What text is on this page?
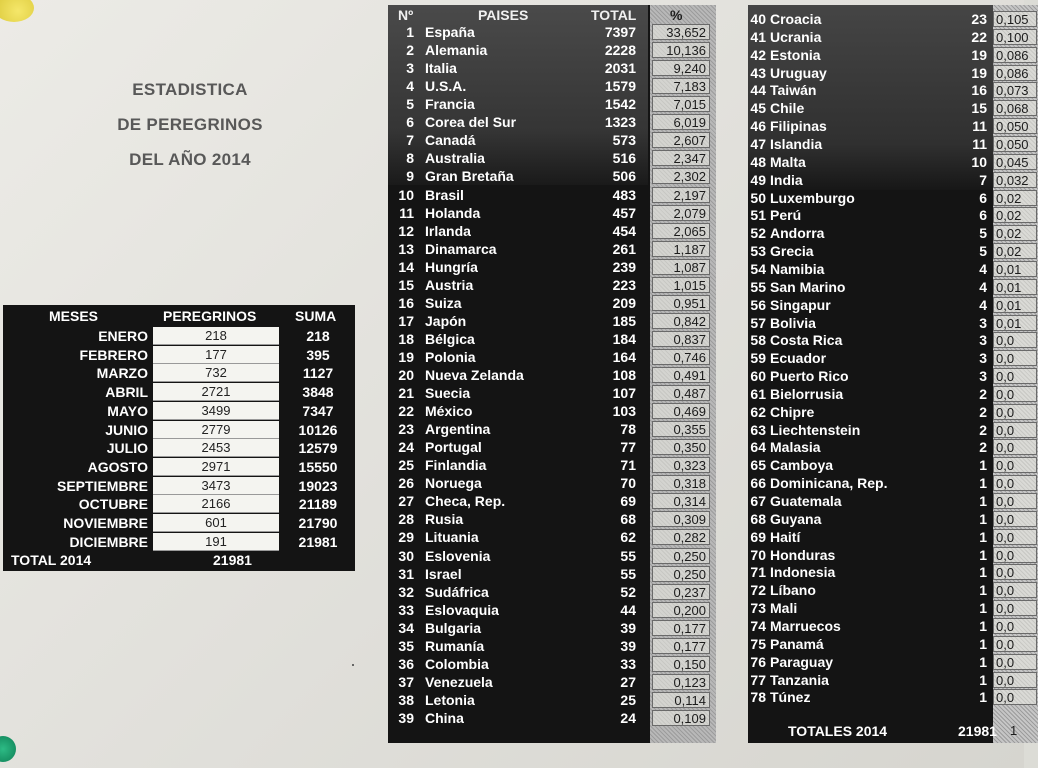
ESTADISTICA
DE PEREGRINOS
DEL AÑO 2014
MESES	PEREGRINOS	SUMA
ENERO	218	218
FEBRERO	177	395
MARZO	732	1127
ABRIL	2721	3848
MAYO	3499	7347
JUNIO	2779	10126
JULIO	2453	12579
AGOSTO	2971	15550
SEPTIEMBRE	3473	19023
OCTUBRE	2166	21189
NOVIEMBRE	601	21790
DICIEMBRE	191	21981
TOTAL 2014	21981
Nº	PAISES	TOTAL %
1 España	7397	33,652
2 Alemania	2228	10,136
3 Italia	2031	9,240
4 U.S.A.	1579	7,183
5 Francia	1542	7,015
6 Corea del Sur	1323	6,019
7 Canadá	573	2,607
8 Australia	516	2,347
9 Gran Bretaña	506	2,302
10 Brasil	483	2,197
11 Holanda	457	2,079
12 Irlanda	454	2,065
13 Dinamarca	261	1,187
14 Hungría	239	1,087
15 Austria	223	1,015
16 Suiza	209	0,951
17 Japón	185	0,842
18 Bélgica	184	0,837
19 Polonia	164	0,746
20 Nueva Zelanda	108	0,491
21 Suecia	107	0,487
22 México	103	0,469
23 Argentina	78	0,355
24 Portugal	77	0,350
25 Finlandia	71	0,323
26 Noruega	70	0,318
27 Checa, Rep.	69	0,314
28 Rusia	68	0,309
29 Lituania	62	0,282
30 Eslovenia	55	0,250
31 Israel	55	0,250
32 Sudáfrica	52	0,237
33 Eslovaquia	44	0,200
34 Bulgaria	39	0,177
35 Rumanía	39	0,177
36 Colombia	33	0,150
37 Venezuela	27	0,123
38 Letonia	25	0,114
39 China	24	0,109
40 Croacia	23 0,105
41 Ucrania	22 0,100
42 Estonia	19 0,086
43 Uruguay	19 0,086
44 Taiwán	16 0,073
45 Chile	15 0,068
46 Filipinas	11 0,050
47 Islandia	11 0,050
48 Malta	10 0,045
49 India	7 0,032
50 Luxemburgo	6 0,02
51 Perú	6 0,02
52 Andorra	5 0,02
53 Grecia	5 0,02
54 Namibia	4 0,01
55 San Marino	4 0,01
56 Singapur	4 0,01
57 Bolivia	3 0,01
58 Costa Rica	3 0,0
59 Ecuador	3 0,0
60 Puerto Rico	3 0,0
61 Bielorrusia	2 0,0
62 Chipre	2 0,0
63 Liechtenstein	2 0,0
64 Malasia	2 0,0
65 Camboya	1 0,0
66 Dominicana, Rep.	1 0,0
67 Guatemala	1 0,0
68 Guyana	1 0,0
69 Haití	1 0,0
70 Honduras	1 0,0
71 Indonesia	1 0,0
72 Líbano	1 0,0
73 Mali	1 0,0
74 Marruecos	1 0,0
75 Panamá	1 0,0
76 Paraguay	1 0,0
77 Tanzania	1 0,0
78 Túnez	1 0,0
TOTALES 2014	21981 1
